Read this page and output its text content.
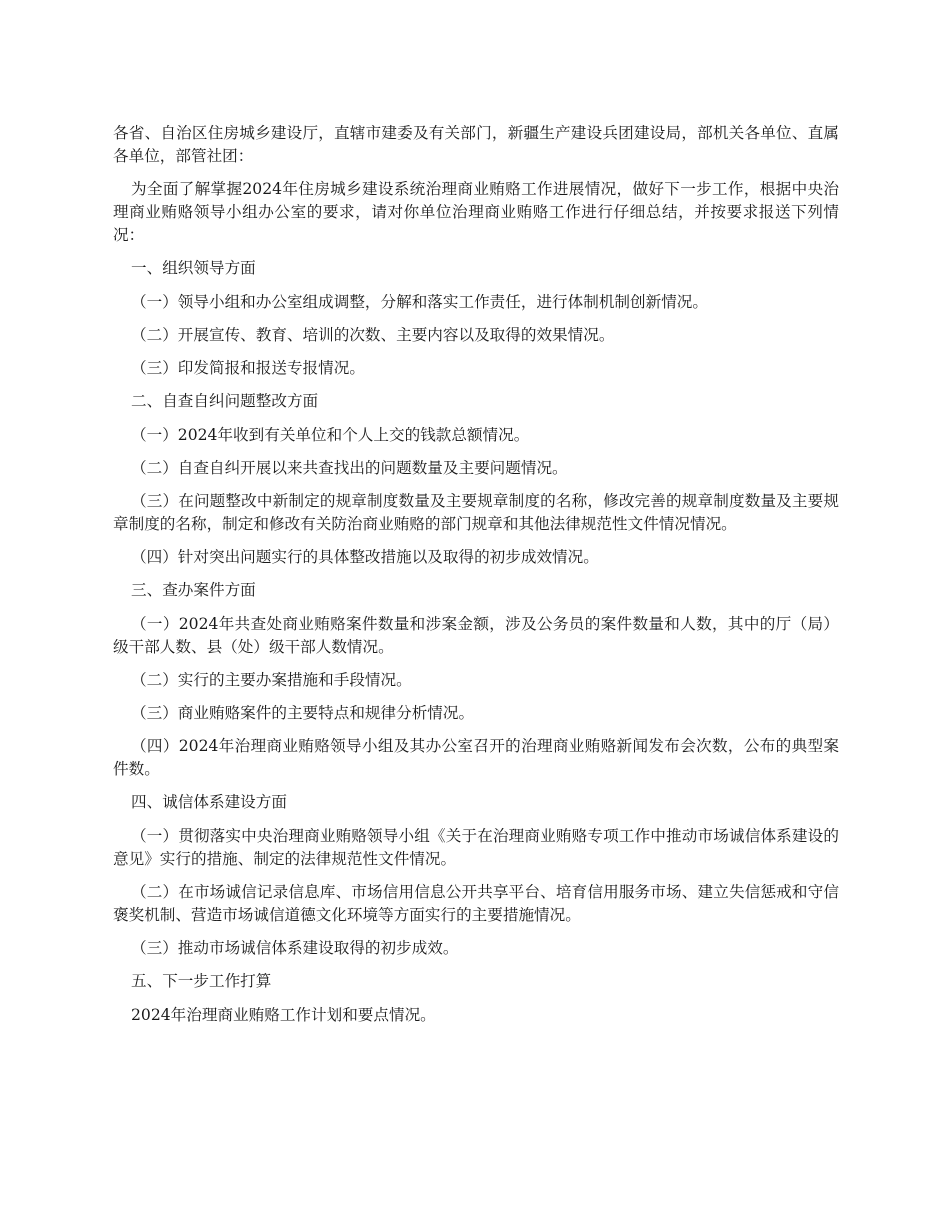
各省、自治区住房城乡建设厅，直辖市建委及有关部门，新疆生产建设兵团建设局，部机关各单位、直属各单位，部管社团：

为全面了解掌握2024年住房城乡建设系统治理商业贿赂工作进展情况，做好下一步工作，根据中央治理商业贿赂领导小组办公室的要求，请对你单位治理商业贿赂工作进行仔细总结，并按要求报送下列情况：

一、组织领导方面

（一）领导小组和办公室组成调整，分解和落实工作责任，进行体制机制创新情况。

（二）开展宣传、教育、培训的次数、主要内容以及取得的效果情况。

（三）印发简报和报送专报情况。

二、自查自纠问题整改方面

（一）2024年收到有关单位和个人上交的钱款总额情况。

（二）自查自纠开展以来共查找出的问题数量及主要问题情况。

（三）在问题整改中新制定的规章制度数量及主要规章制度的名称，修改完善的规章制度数量及主要规章制度的名称，制定和修改有关防治商业贿赂的部门规章和其他法律规范性文件情况情况。

（四）针对突出问题实行的具体整改措施以及取得的初步成效情况。

三、查办案件方面

（一）2024年共查处商业贿赂案件数量和涉案金额，涉及公务员的案件数量和人数，其中的厅（局）级干部人数、县（处）级干部人数情况。

（二）实行的主要办案措施和手段情况。

（三）商业贿赂案件的主要特点和规律分析情况。

（四）2024年治理商业贿赂领导小组及其办公室召开的治理商业贿赂新闻发布会次数，公布的典型案件数。

四、诚信体系建设方面

（一）贯彻落实中央治理商业贿赂领导小组《关于在治理商业贿赂专项工作中推动市场诚信体系建设的意见》实行的措施、制定的法律规范性文件情况。

（二）在市场诚信记录信息库、市场信用信息公开共享平台、培育信用服务市场、建立失信惩戒和守信褒奖机制、营造市场诚信道德文化环境等方面实行的主要措施情况。

（三）推动市场诚信体系建设取得的初步成效。

五、下一步工作打算

2024年治理商业贿赂工作计划和要点情况。
